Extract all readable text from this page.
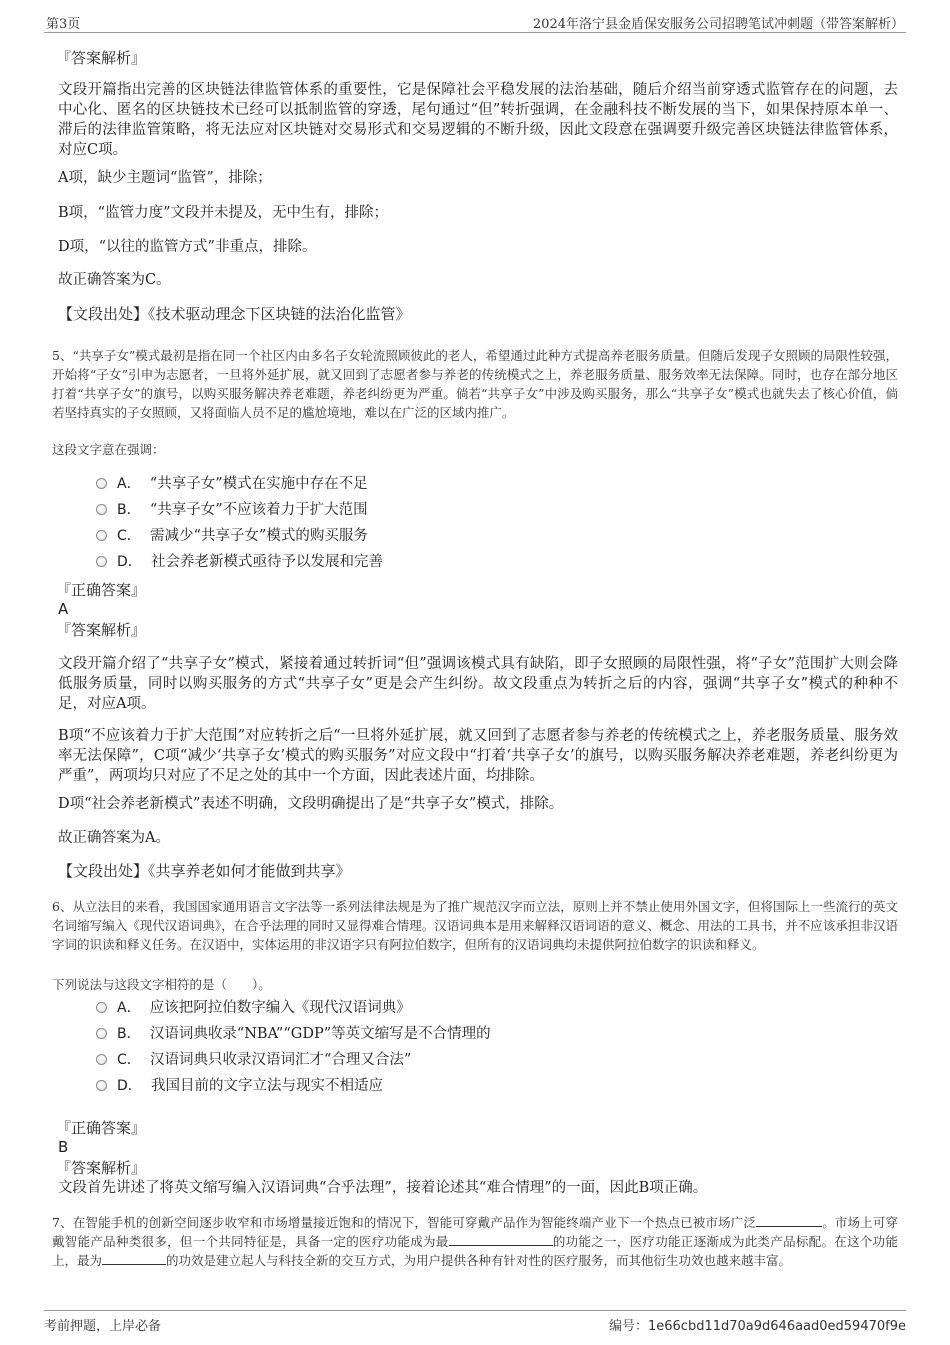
第3页	2024年洛宁县金盾保安服务公司招聘笔试冲刺题（带答案解析）
『答案解析』
文段开篇指出完善的区块链法律监管体系的重要性，它是保障社会平稳发展的法治基础，随后介绍当前穿透式监管存在的问题，去中心化、匿名的区块链技术已经可以抵制监管的穿透，尾句通过“但”转折强调，在金融科技不断发展的当下，如果保持原本单一、滞后的法律监管策略，将无法应对区块链对交易形式和交易逻辑的不断升级，因此文段意在强调要升级完善区块链法律监管体系，对应C项。
A项，缺少主题词“监管”，排除；
B项，“监管力度”文段并未提及，无中生有，排除；
D项，“以往的监管方式”非重点，排除。
故正确答案为C。
【文段出处】《技术驱动理念下区块链的法治化监管》
5、“共享子女”模式最初是指在同一个社区内由多名子女轮流照顾彼此的老人，希望通过此种方式提高养老服务质量。但随后发现子女照顾的局限性较强，开始将“子女”引申为志愿者，一旦将外延扩展，就又回到了志愿者参与养老的传统模式之上，养老服务质量、服务效率无法保障。同时，也存在部分地区打着“共享子女”的旗号，以购买服务解决养老难题，养老纠纷更为严重。倘若“共享子女”中涉及购买服务，那么“共享子女”模式也就失去了核心价值，倘若坚持真实的子女照顾，又将面临人员不足的尴尬境地，难以在广泛的区域内推广。
这段文字意在强调：
A． “共享子女”模式在实施中存在不足
B． “共享子女”不应该着力于扩大范围
C． 需减少“共享子女”模式的购买服务
D． 社会养老新模式亟待予以发展和完善
『正确答案』
A
『答案解析』
文段开篇介绍了“共享子女”模式，紧接着通过转折词“但”强调该模式具有缺陷，即子女照顾的局限性强，将“子女”范围扩大则会降低服务质量，同时以购买服务的方式“共享子女”更是会产生纠纷。故文段重点为转折之后的内容，强调“共享子女”模式的种种不足，对应A项。
B项“不应该着力于扩大范围”对应转折之后“一旦将外延扩展，就又回到了志愿者参与养老的传统模式之上，养老服务质量、服务效率无法保障”，C项“减少‘共享子女’模式的购买服务”对应文段中“打着‘共享子女’的旗号，以购买服务解决养老难题，养老纠纷更为严重”，两项均只对应了不足之处的其中一个方面，因此表述片面，均排除。
D项“社会养老新模式”表述不明确，文段明确提出了是“共享子女”模式，排除。
故正确答案为A。
【文段出处】《共享养老如何才能做到共享》
6、从立法目的来看，我国国家通用语言文字法等一系列法律法规是为了推广规范汉字而立法，原则上并不禁止使用外国文字，但将国际上一些流行的英文名词缩写编入《现代汉语词典》，在合乎法理的同时又显得难合情理。汉语词典本是用来解释汉语词语的意义、概念、用法的工具书，并不应该承担非汉语字词的识读和释义任务。在汉语中，实体运用的非汉语字只有阿拉伯数字，但所有的汉语词典均未提供阿拉伯数字的识读和释义。
下列说法与这段文字相符的是（　　）。
A． 应该把阿拉伯数字编入《现代汉语词典》
B． 汉语词典收录“NBA”“GDP”等英文缩写是不合情理的
C． 汉语词典只收录汉语词汇才“合理又合法”
D． 我国目前的文字立法与现实不相适应
『正确答案』
B
『答案解析』
文段首先讲述了将英文缩写编入汉语词典“合乎法理”，接着论述其“难合情理”的一面，因此B项正确。
7、在智能手机的创新空间逐步收窄和市场增量接近饱和的情况下，智能可穿戴产品作为智能终端产业下一个热点已被市场广泛	。市场上可穿戴智能产品种类很多，但一个共同特征是，具备一定的医疗功能成为最	的功能之一，医疗功能正逐渐成为此类产品标配。在这个功能上，最为	的功效是建立起人与科技全新的交互方式，为用户提供各种有针对性的医疗服务，而其他衍生功效也越来越丰富。
考前押题，上岸必备	编号：1e66cbd11d70a9d646aad0ed59470f9e
